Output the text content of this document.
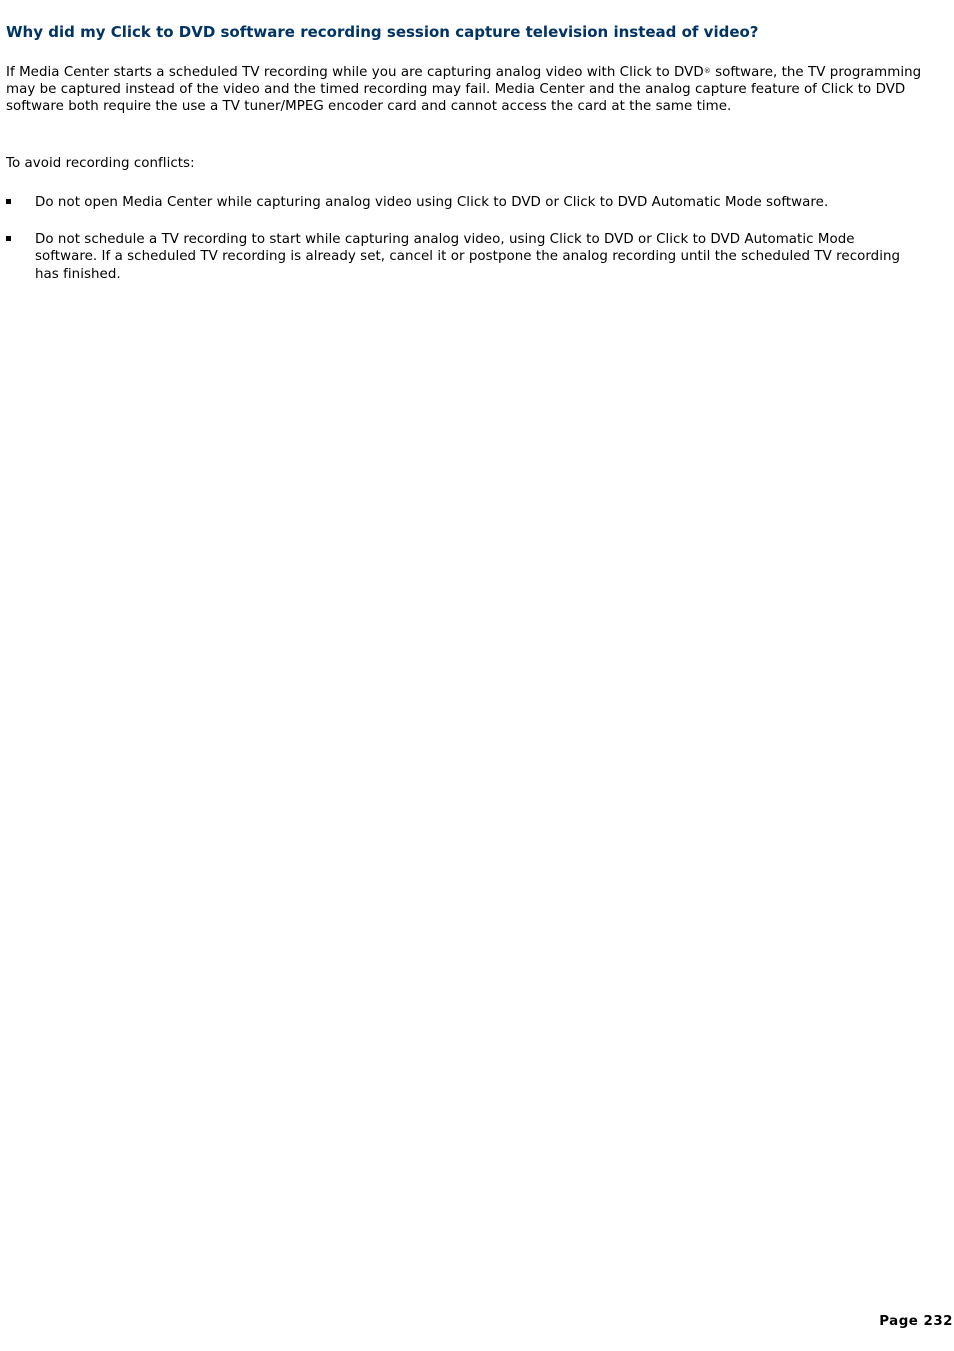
Why did my Click to DVD software recording session capture television instead of video?

If Media Center starts a scheduled TV recording while you are capturing analog video with Click to DVD® software, the TV programming may be captured instead of the video and the timed recording may fail. Media Center and the analog capture feature of Click to DVD software both require the use a TV tuner/MPEG encoder card and cannot access the card at the same time.

To avoid recording conflicts:

Do not open Media Center while capturing analog video using Click to DVD or Click to DVD Automatic Mode software.
Do not schedule a TV recording to start while capturing analog video, using Click to DVD or Click to DVD Automatic Mode software. If a scheduled TV recording is already set, cancel it or postpone the analog recording until the scheduled TV recording has finished.
Page 232
